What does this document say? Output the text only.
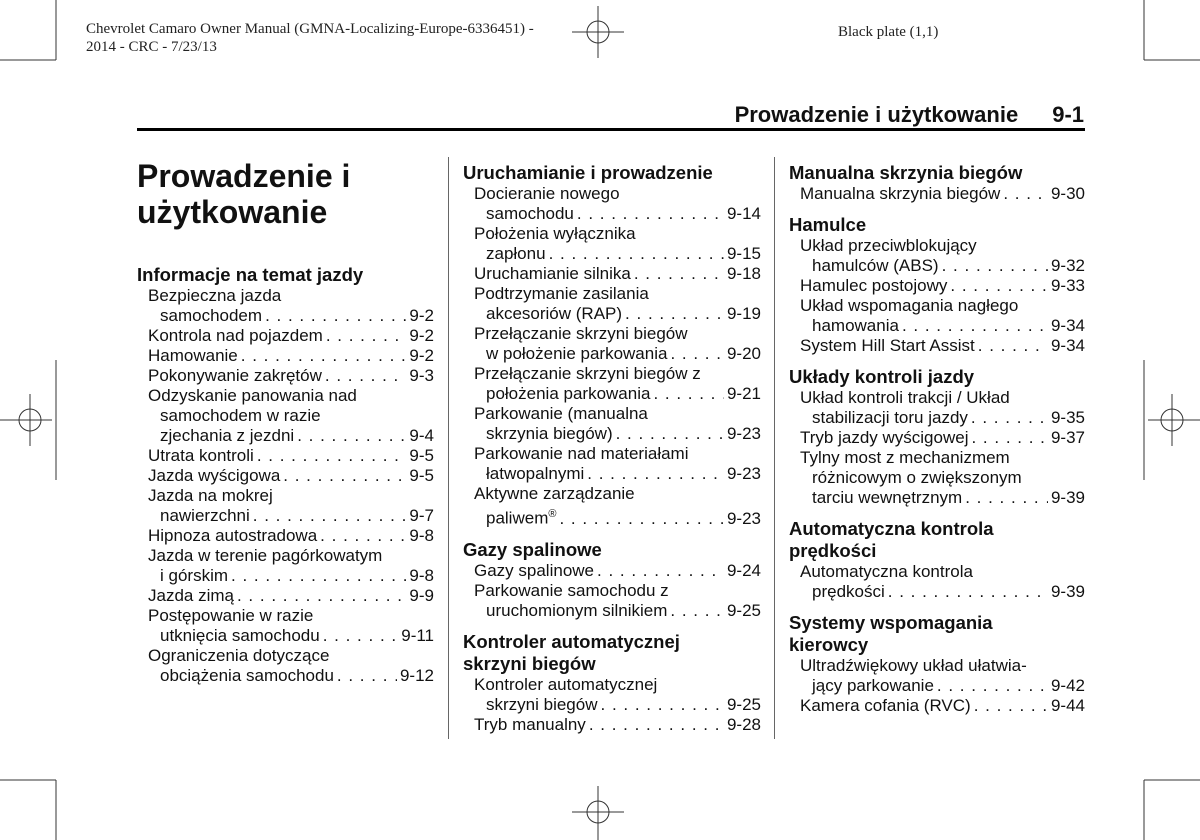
Chevrolet Camaro Owner Manual (GMNA-Localizing-Europe-6336451) -
2014 - CRC - 7/23/13
Black plate (1,1)
Prowadzenie i użytkowanie 9-1
Prowadzenie i użytkowanie
Informacje na temat jazdy
Bezpieczna jazda
samochodem . . .	9-2
Kontrola nad pojazdem . . .	9-2
Hamowanie . . .	9-2
Pokonywanie zakrętów . . .	9-3
Odzyskanie panowania nad
samochodem w razie
zjechania z jezdni . . .	9-4
Utrata kontroli . . .	9-5
Jazda wyścigowa . . .	9-5
Jazda na mokrej
nawierzchni . . .	9-7
Hipnoza autostradowa . . .	9-8
Jazda w terenie pagórkowatym
i górskim . . .	9-8
Jazda zimą . . .	9-9
Postępowanie w razie
utknięcia samochodu . . .	9-11
Ograniczenia dotyczące
obciążenia samochodu . . .	9-12
Uruchamianie i prowadzenie
Docieranie nowego
samochodu . . .	9-14
Położenia wyłącznika
zapłonu . . .	9-15
Uruchamianie silnika . . .	9-18
Podtrzymanie zasilania
akcesoriów (RAP) . . .	9-19
Przełączanie skrzyni biegów
w położenie parkowania . . .	9-20
Przełączanie skrzyni biegów z
położenia parkowania . . .	9-21
Parkowanie (manualna
skrzynia biegów) . . .	9-23
Parkowanie nad materiałami
łatwopalnymi . . .	9-23
Aktywne zarządzanie
paliwem® . . .	9-23
Gazy spalinowe
Gazy spalinowe . . .	9-24
Parkowanie samochodu z
uruchomionym silnikiem . . .	9-25
Kontroler automatycznej
skrzyni biegów
Kontroler automatycznej
skrzyni biegów . . .	9-25
Tryb manualny . . .	9-28
Manualna skrzynia biegów
Manualna skrzynia biegów . . .	9-30
Hamulce
Układ przeciwblokujący
hamulców (ABS) . . .	9-32
Hamulec postojowy . . .	9-33
Układ wspomagania nagłego
hamowania . . .	9-34
System Hill Start Assist . . .	9-34
Układy kontroli jazdy
Układ kontroli trakcji / Układ
stabilizacji toru jazdy . . .	9-35
Tryb jazdy wyścigowej . . .	9-37
Tylny most z mechanizmem
różnicowym o zwiększonym
tarciu wewnętrznym . . .	9-39
Automatyczna kontrola
prędkości
Automatyczna kontrola
prędkości . . .	9-39
Systemy wspomagania
kierowcy
Ultradźwiękowy układ ułatwia-
jący parkowanie . . .	9-42
Kamera cofania (RVC) . . .	9-44
